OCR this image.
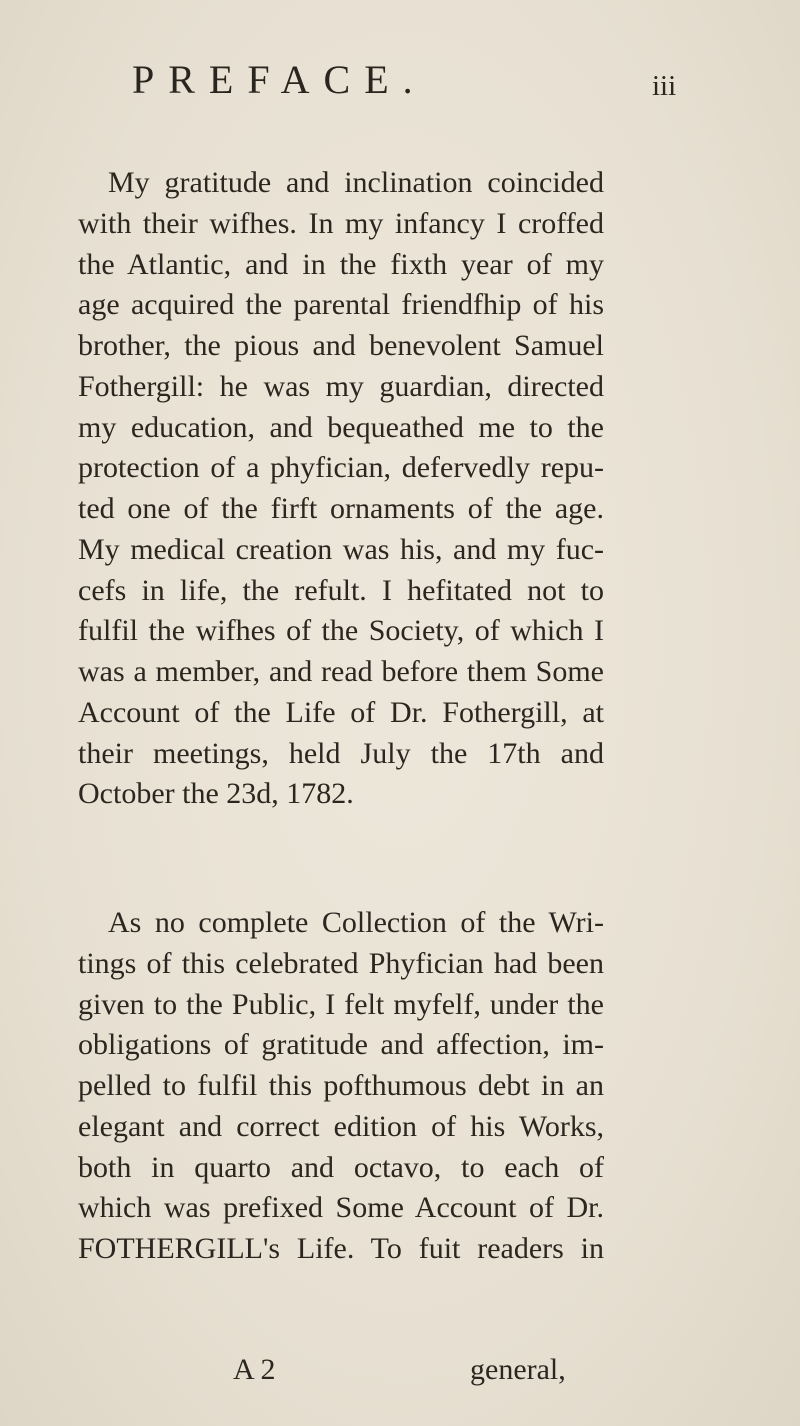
PREFACE.	iii
My gratitude and inclination coincided
with their wifhes. In my infancy I croffed
the Atlantic, and in the fixth year of my
age acquired the parental friendfhip of his
brother, the pious and benevolent Samuel
Fothergill: he was my guardian, directed
my education, and bequeathed me to the
protection of a phyfician, defervedly repu-
ted one of the firft ornaments of the age.
My medical creation was his, and my fuc-
cefs in life, the refult. I hefitated not to
fulfil the wifhes of the Society, of which I
was a member, and read before them Some
Account of the Life of Dr. Fothergill, at
their meetings, held July the 17th and
October the 23d, 1782.
As no complete Collection of the Wri-
tings of this celebrated Phyfician had been
given to the Public, I felt myfelf, under the
obligations of gratitude and affection, im-
pelled to fulfil this pofthumous debt in an
elegant and correct edition of his Works,
both in quarto and octavo, to each of
which was prefixed Some Account of Dr.
FOTHERGILL's Life. To fuit readers in
A 2	general,
